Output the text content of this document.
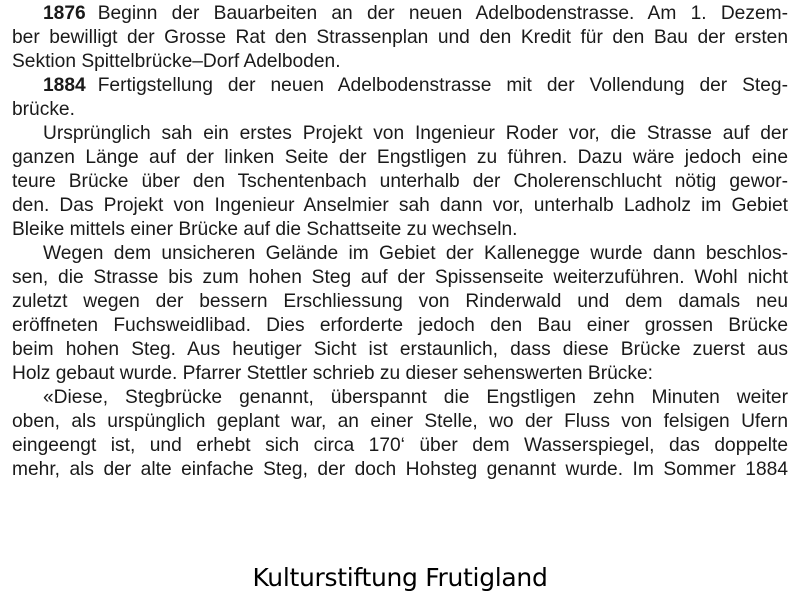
1876 Beginn der Bauarbeiten an der neuen Adelbodenstrasse. Am 1. Dezem-
ber bewilligt der Grosse Rat den Strassenplan und den Kredit für den Bau der ersten
Sektion Spittelbrücke–Dorf Adelboden.
1884 Fertigstellung der neuen Adelbodenstrasse mit der Vollendung der Steg-
brücke.
Ursprünglich sah ein erstes Projekt von Ingenieur Roder vor, die Strasse auf der
ganzen Länge auf der linken Seite der Engstligen zu führen. Dazu wäre jedoch eine
teure Brücke über den Tschentenbach unterhalb der Cholerenschlucht nötig gewor-
den. Das Projekt von Ingenieur Anselmier sah dann vor, unterhalb Ladholz im Gebiet
Bleike mittels einer Brücke auf die Schattseite zu wechseln.
Wegen dem unsicheren Gelände im Gebiet der Kallenegge wurde dann beschlos-
sen, die Strasse bis zum hohen Steg auf der Spissenseite weiterzuführen. Wohl nicht
zuletzt wegen der bessern Erschliessung von Rinderwald und dem damals neu
eröffneten Fuchsweidlibad. Dies erforderte jedoch den Bau einer grossen Brücke
beim hohen Steg. Aus heutiger Sicht ist erstaunlich, dass diese Brücke zuerst aus
Holz gebaut wurde. Pfarrer Stettler schrieb zu dieser sehenswerten Brücke:
«Diese, Stegbrücke genannt, überspannt die Engstligen zehn Minuten weiter
oben, als urspünglich geplant war, an einer Stelle, wo der Fluss von felsigen Ufern
eingeengt ist, und erhebt sich circa 170‘ über dem Wasserspiegel, das doppelte
mehr, als der alte einfache Steg, der doch Hohsteg genannt wurde. Im Sommer 1884
Kulturstiftung Frutigland
